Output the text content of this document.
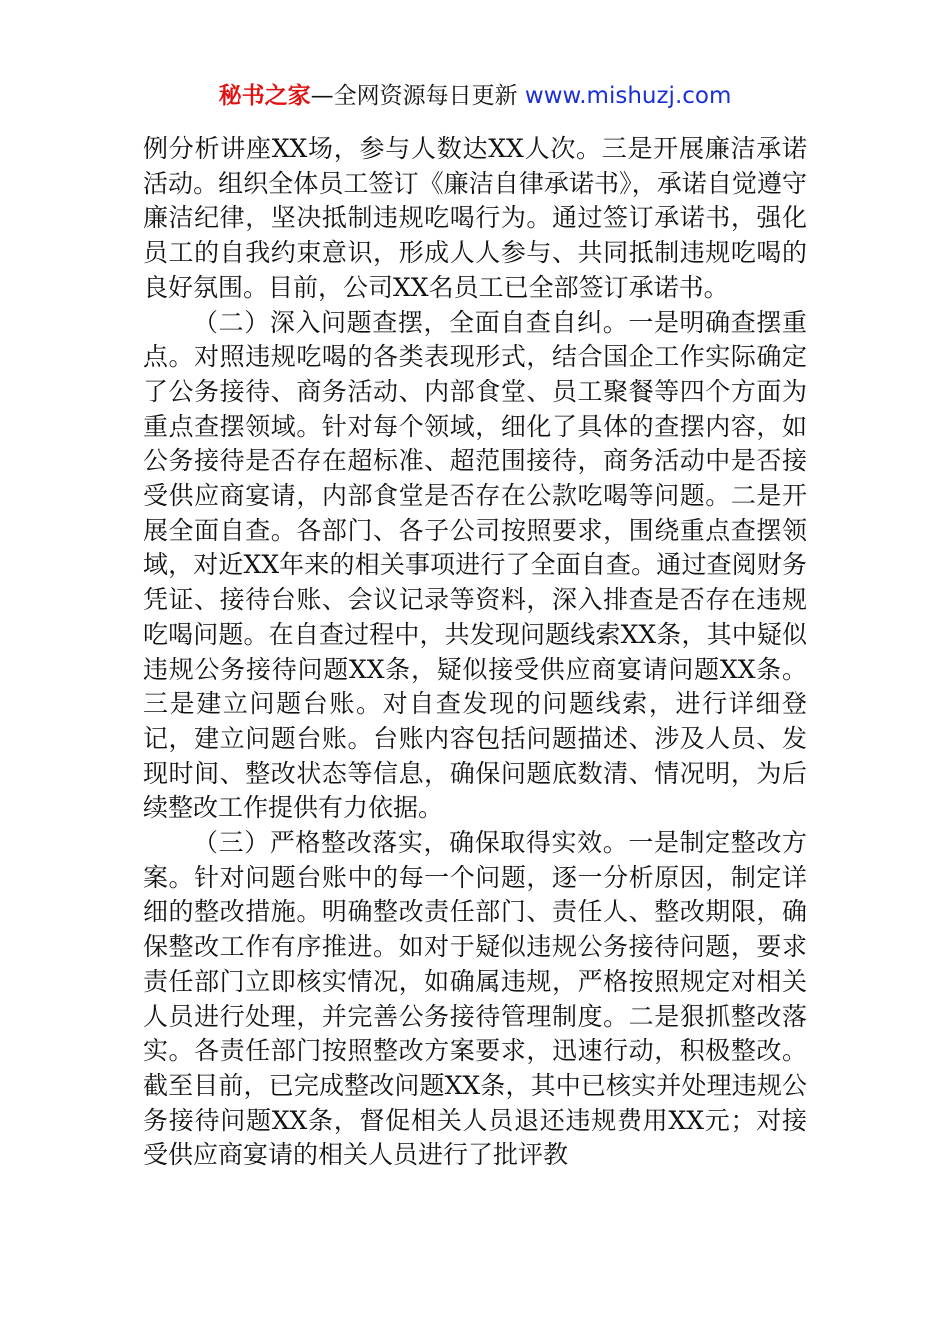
秘书之家—全网资源每日更新 www.mishuzj.com

例分析讲座XX场，参与人数达XX人次。三是开展廉洁承诺活动。组织全体员工签订《廉洁自律承诺书》，承诺自觉遵守廉洁纪律，坚决抵制违规吃喝行为。通过签订承诺书，强化员工的自我约束意识，形成人人参与、共同抵制违规吃喝的良好氛围。目前，公司XX名员工已全部签订承诺书。

（二）深入问题查摆，全面自查自纠。一是明确查摆重点。对照违规吃喝的各类表现形式，结合国企工作实际确定了公务接待、商务活动、内部食堂、员工聚餐等四个方面为重点查摆领域。针对每个领域，细化了具体的查摆内容，如公务接待是否存在超标准、超范围接待，商务活动中是否接受供应商宴请，内部食堂是否存在公款吃喝等问题。二是开展全面自查。各部门、各子公司按照要求，围绕重点查摆领域，对近XX年来的相关事项进行了全面自查。通过查阅财务凭证、接待台账、会议记录等资料，深入排查是否存在违规吃喝问题。在自查过程中，共发现问题线索XX条，其中疑似违规公务接待问题XX条，疑似接受供应商宴请问题XX条。三是建立问题台账。对自查发现的问题线索，进行详细登记，建立问题台账。台账内容包括问题描述、涉及人员、发现时间、整改状态等信息，确保问题底数清、情况明，为后续整改工作提供有力依据。

（三）严格整改落实，确保取得实效。一是制定整改方案。针对问题台账中的每一个问题，逐一分析原因，制定详细的整改措施。明确整改责任部门、责任人、整改期限，确保整改工作有序推进。如对于疑似违规公务接待问题，要求责任部门立即核实情况，如确属违规，严格按照规定对相关人员进行处理，并完善公务接待管理制度。二是狠抓整改落实。各责任部门按照整改方案要求，迅速行动，积极整改。截至目前，已完成整改问题XX条，其中已核实并处理违规公务接待问题XX条，督促相关人员退还违规费用XX元；对接受供应商宴请的相关人员进行了批评教
